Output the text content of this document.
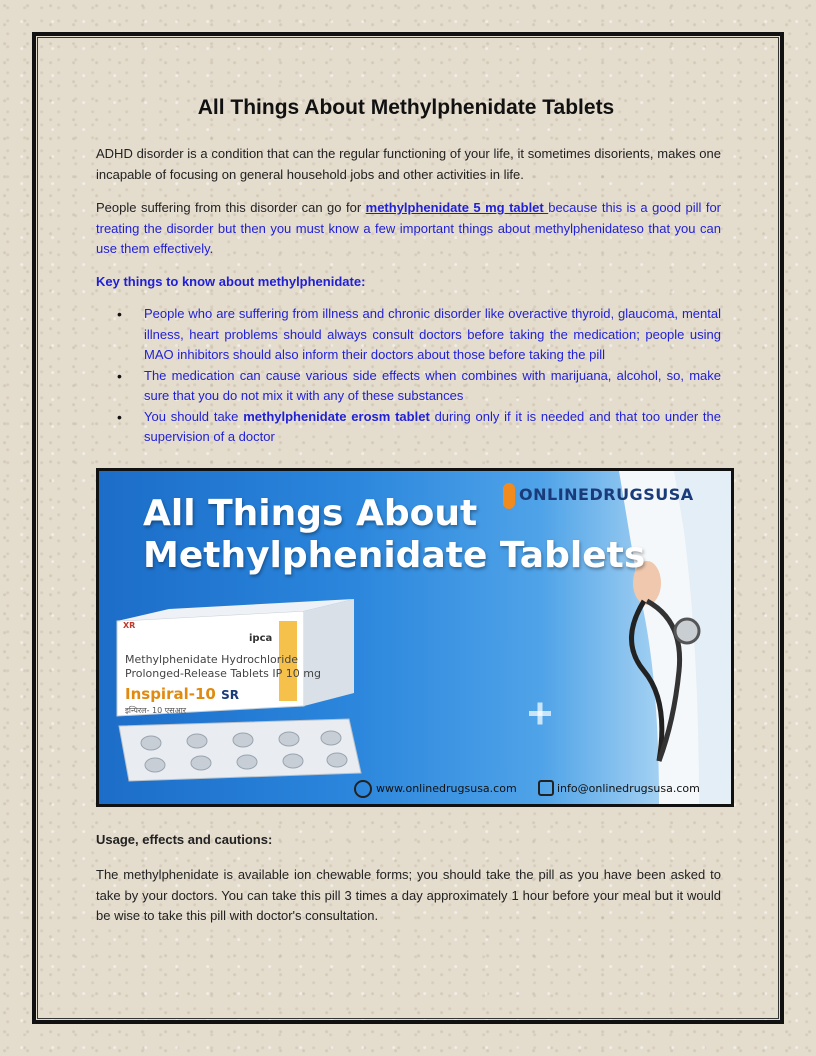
All Things About Methylphenidate Tablets

ADHD disorder is a condition that can the regular functioning of your life, it sometimes disorients, makes one incapable of focusing on general household jobs and other activities in life.

People suffering from this disorder can go for methylphenidate 5 mg tablet because this is a good pill for treating the disorder but then you must know a few important things about methylphenidateso that you can use them effectively.

Key things to know about methylphenidate:

• People who are suffering from illness and chronic disorder like overactive thyroid, glaucoma, mental illness, heart problems should always consult doctors before taking the medication; people using MAO inhibitors should also inform their doctors about those before taking the pill
• The medication can cause various side effects when combines with marijuana, alcohol, so, make sure that you do not mix it with any of these substances
• You should take methylphenidate erosm tablet during only if it is needed and that too under the supervision of a doctor
All Things About
Methylphenidate Tablets
ONLINEDRUGSUSA
XR
ipca
Methylphenidate Hydrochloride
Prolonged-Release Tablets IP 10 mg
Inspiral-10 SR
इन्पिरल- 10 एसआर
www.onlinedrugsusa.com	info@onlinedrugsusa.com

Usage, effects and cautions:

The methylphenidate is available ion chewable forms; you should take the pill as you have been asked to take by your doctors. You can take this pill 3 times a day approximately 1 hour before your meal but it would be wise to take this pill with doctor's consultation.
